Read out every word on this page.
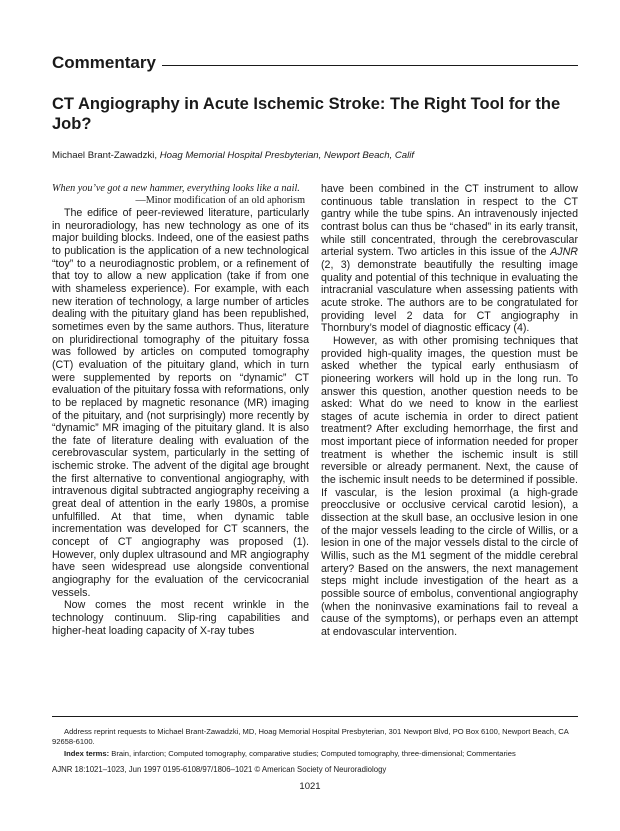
Commentary
CT Angiography in Acute Ischemic Stroke: The Right Tool for the Job?
Michael Brant-Zawadzki, Hoag Memorial Hospital Presbyterian, Newport Beach, Calif

When you’ve got a new hammer, everything looks like a nail.

—Minor modification of an old aphorism

The edifice of peer-reviewed literature, particularly in neuroradiology, has new technology as one of its major building blocks. Indeed, one of the easiest paths to publication is the application of a new technological “toy” to a neurodiagnostic problem, or a refinement of that toy to allow a new application (take if from one with shameless experience). For example, with each new iteration of technology, a large number of articles dealing with the pituitary gland has been republished, sometimes even by the same authors. Thus, literature on pluridirectional tomography of the pituitary fossa was followed by articles on computed tomography (CT) evaluation of the pituitary gland, which in turn were supplemented by reports on “dynamic” CT evaluation of the pituitary fossa with reformations, only to be replaced by magnetic resonance (MR) imaging of the pituitary, and (not surprisingly) more recently by “dynamic” MR imaging of the pituitary gland. It is also the fate of literature dealing with evaluation of the cerebrovascular system, particularly in the setting of ischemic stroke. The advent of the digital age brought the first alternative to conventional angiography, with intravenous digital subtracted angiography receiving a great deal of attention in the early 1980s, a promise unfulfilled. At that time, when dynamic table incrementation was developed for CT scanners, the concept of CT angiography was proposed (1). However, only duplex ultrasound and MR angiography have seen widespread use alongside conventional angiography for the evaluation of the cervicocranial vessels.

Now comes the most recent wrinkle in the technology continuum. Slip-ring capabilities and higher-heat loading capacity of X-ray tubes

have been combined in the CT instrument to allow continuous table translation in respect to the CT gantry while the tube spins. An intravenously injected contrast bolus can thus be “chased” in its early transit, while still concentrated, through the cerebrovascular arterial system. Two articles in this issue of the AJNR (2, 3) demonstrate beautifully the resulting image quality and potential of this technique in evaluating the intracranial vasculature when assessing patients with acute stroke. The authors are to be congratulated for providing level 2 data for CT angiography in Thornbury’s model of diagnostic efficacy (4).

However, as with other promising techniques that provided high-quality images, the question must be asked whether the typical early enthusiasm of pioneering workers will hold up in the long run. To answer this question, another question needs to be asked: What do we need to know in the earliest stages of acute ischemia in order to direct patient treatment? After excluding hemorrhage, the first and most important piece of information needed for proper treatment is whether the ischemic insult is still reversible or already permanent. Next, the cause of the ischemic insult needs to be determined if possible. If vascular, is the lesion proximal (a high-grade preocclusive or occlusive cervical carotid lesion), a dissection at the skull base, an occlusive lesion in one of the major vessels leading to the circle of Willis, or a lesion in one of the major vessels distal to the circle of Willis, such as the M1 segment of the middle cerebral artery? Based on the answers, the next management steps might include investigation of the heart as a possible source of embolus, conventional angiography (when the noninvasive examinations fail to reveal a cause of the symptoms), or perhaps even an attempt at endovascular intervention.

Address reprint requests to Michael Brant-Zawadzki, MD, Hoag Memorial Hospital Presbyterian, 301 Newport Blvd, PO Box 6100, Newport Beach, CA 92658-6100.
Index terms: Brain, infarction; Computed tomography, comparative studies; Computed tomography, three-dimensional; Commentaries
AJNR 18:1021–1023, Jun 1997 0195-6108/97/1806–1021 © American Society of Neuroradiology
1021
